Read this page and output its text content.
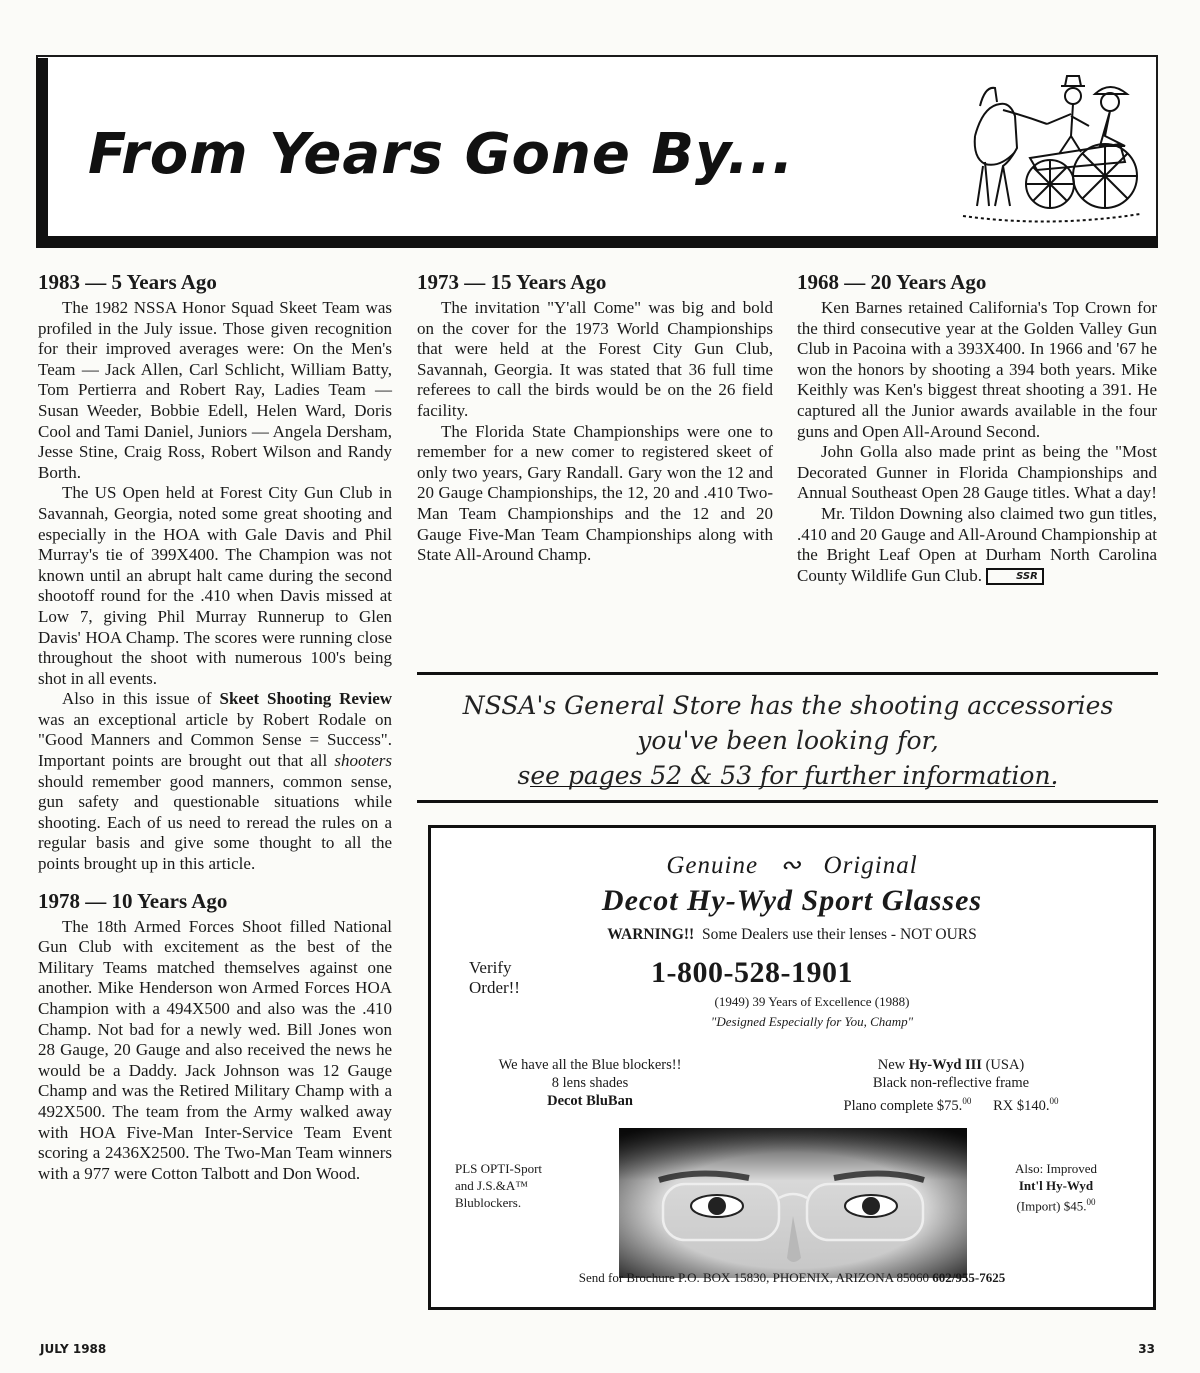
From Years Gone By...
1983 — 5 Years Ago

The 1982 NSSA Honor Squad Skeet Team was profiled in the July issue. Those given recognition for their improved averages were: On the Men's Team — Jack Allen, Carl Schlicht, William Batty, Tom Pertierra and Robert Ray, Ladies Team — Susan Weeder, Bobbie Edell, Helen Ward, Doris Cool and Tami Daniel, Juniors — Angela Dersham, Jesse Stine, Craig Ross, Robert Wilson and Randy Borth.

The US Open held at Forest City Gun Club in Savannah, Georgia, noted some great shooting and especially in the HOA with Gale Davis and Phil Murray's tie of 399X400. The Champion was not known until an abrupt halt came during the second shootoff round for the .410 when Davis missed at Low 7, giving Phil Murray Runnerup to Glen Davis' HOA Champ. The scores were running close throughout the shoot with numerous 100's being shot in all events.

Also in this issue of Skeet Shooting Review was an exceptional article by Robert Rodale on "Good Manners and Common Sense = Success". Important points are brought out that all shooters should remember good manners, common sense, gun safety and questionable situations while shooting. Each of us need to reread the rules on a regular basis and give some thought to all the points brought up in this article.

1978 — 10 Years Ago

The 18th Armed Forces Shoot filled National Gun Club with excitement as the best of the Military Teams matched themselves against one another. Mike Henderson won Armed Forces HOA Champion with a 494X500 and also was the .410 Champ. Not bad for a newly wed. Bill Jones won 28 Gauge, 20 Gauge and also received the news he would be a Daddy. Jack Johnson was 12 Gauge Champ and was the Retired Military Champ with a 492X500. The team from the Army walked away with HOA Five-Man Inter-Service Team Event scoring a 2436X2500. The Two-Man Team winners with a 977 were Cotton Talbott and Don Wood.

1973 — 15 Years Ago

The invitation "Y'all Come" was big and bold on the cover for the 1973 World Championships that were held at the Forest City Gun Club, Savannah, Georgia. It was stated that 36 full time referees to call the birds would be on the 26 field facility.

The Florida State Championships were one to remember for a new comer to registered skeet of only two years, Gary Randall. Gary won the 12 and 20 Gauge Championships, the 12, 20 and .410 Two-Man Team Championships and the 12 and 20 Gauge Five-Man Team Championships along with State All-Around Champ.

1968 — 20 Years Ago

Ken Barnes retained California's Top Crown for the third consecutive year at the Golden Valley Gun Club in Pacoina with a 393X400. In 1966 and '67 he won the honors by shooting a 394 both years. Mike Keithly was Ken's biggest threat shooting a 391. He captured all the Junior awards available in the four guns and Open All-Around Second.

John Golla also made print as being the "Most Decorated Gunner in Florida Championships and Annual Southeast Open 28 Gauge titles. What a day!

Mr. Tildon Downing also claimed two gun titles, .410 and 20 Gauge and All-Around Championship at the Bright Leaf Open at Durham North Carolina County Wildlife Gun Club.	SSR

NSSA's General Store has the shooting accessories
you've been looking for,
see pages 52 & 53 for further information.
Genuine ∾ Original
Decot Hy-Wyd Sport Glasses
WARNING!! Some Dealers use their lenses - NOT OURS
Verify
Order!!	1-800-528-1901
(1949) 39 Years of Excellence (1988)
"Designed Especially for You, Champ"
We have all the Blue blockers!!
8 lens shades
Decot BluBan
New Hy-Wyd III (USA)
Black non-reflective frame
Plano complete $75.00 RX $140.00
PLS OPTI-Sport
and J.S.&A™
Blublockers.
Also: Improved
Int'l Hy-Wyd
(Import) $45.00
Send for Brochure P.O. BOX 15830, PHOENIX, ARIZONA 85060 602/955-7625
JULY 1988	33
